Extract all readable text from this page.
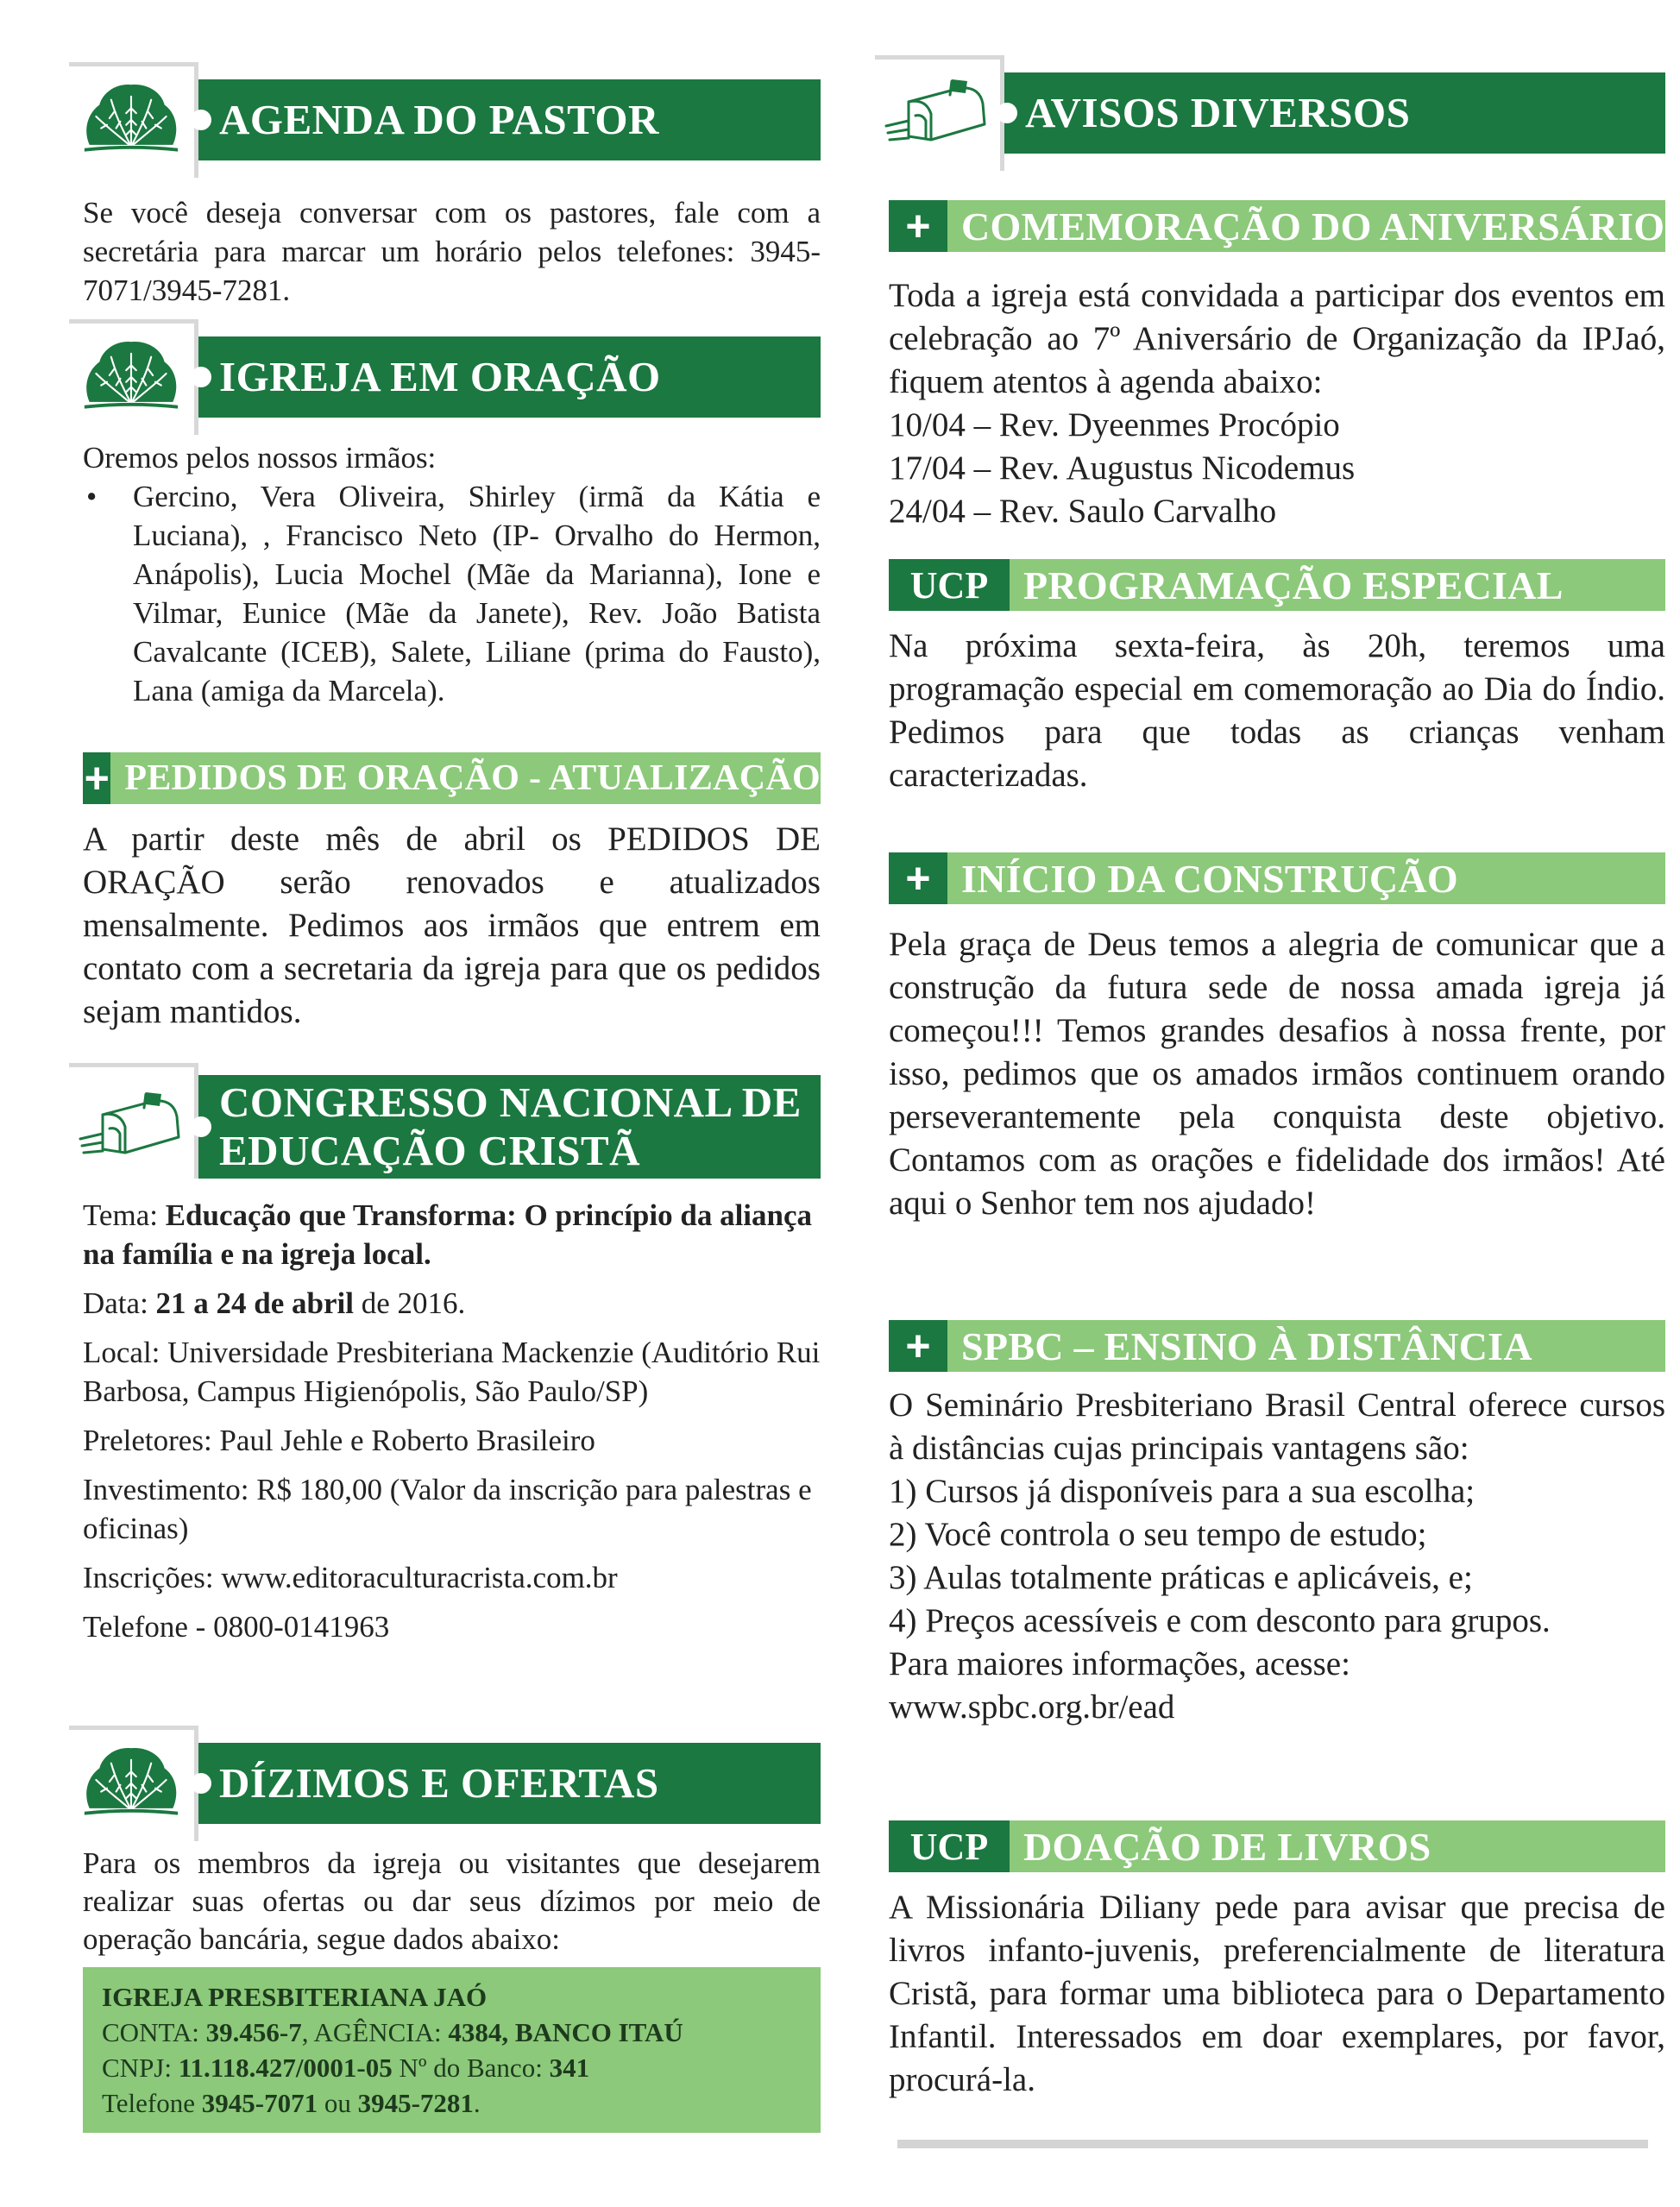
AGENDA DO PASTOR
Se você deseja conversar com os pastores, fale com a secretária para marcar um horário pelos telefones: 3945-7071/3945-7281.
IGREJA EM ORAÇÃO

Oremos pelos nossos irmãos:

• Gercino, Vera Oliveira, Shirley (irmã da Kátia e Luciana), , Francisco Neto (IP- Orvalho do Hermon, Anápolis), Lucia Mochel (Mãe da Marianna), Ione e Vilmar, Eunice (Mãe da Janete), Rev. João Batista Cavalcante (ICEB), Salete, Liliane (prima do Fausto), Lana (amiga da Marcela).
+ PEDIDOS DE ORAÇÃO - ATUALIZAÇÃO
A partir deste mês de abril os PEDIDOS DE ORAÇÃO serão renovados e atualizados mensalmente. Pedimos aos irmãos que entrem em contato com a secretaria da igreja para que os pedidos sejam mantidos.
CONGRESSO NACIONAL DE
EDUCAÇÃO CRISTÃ
Tema: Educação que Transforma: O princípio da aliança na família e na igreja local.
Data: 21 a 24 de abril de 2016.
Local: Universidade Presbiteriana Mackenzie (Auditório Rui Barbosa, Campus Higienópolis, São Paulo/SP)
Preletores: Paul Jehle e Roberto Brasileiro
Investimento: R$ 180,00 (Valor da inscrição para palestras e oficinas)
Inscrições: www.editoraculturacrista.com.br
Telefone - 0800-0141963
DÍZIMOS E OFERTAS
Para os membros da igreja ou visitantes que desejarem realizar suas ofertas ou dar seus dízimos por meio de operação bancária, segue dados abaixo:
IGREJA PRESBITERIANA JAÓ
CONTA: 39.456-7, AGÊNCIA: 4384, BANCO ITAÚ
CNPJ: 11.118.427/0001-05 Nº do Banco: 341
Telefone 3945-7071 ou 3945-7281.
AVISOS DIVERSOS
+ COMEMORAÇÃO DO ANIVERSÁRIO

Toda a igreja está convidada a participar dos eventos em celebração ao 7º Aniversário de Organização da IPJaó, fiquem atentos à agenda abaixo:

10/04 – Rev. Dyeenmes Procópio
17/04 – Rev. Augustus Nicodemus
24/04 – Rev. Saulo Carvalho
UCP PROGRAMAÇÃO ESPECIAL
Na próxima sexta-feira, às 20h, teremos uma programação especial em comemoração ao Dia do Índio. Pedimos para que todas as crianças venham caracterizadas.
+ INÍCIO DA CONSTRUÇÃO
Pela graça de Deus temos a alegria de comunicar que a construção da futura sede de nossa amada igreja já começou!!! Temos grandes desafios à nossa frente, por isso, pedimos que os amados irmãos continuem orando perseverantemente pela conquista deste objetivo. Contamos com as orações e fidelidade dos irmãos! Até aqui o Senhor tem nos ajudado!
+ SPBC – ENSINO À DISTÂNCIA

O Seminário Presbiteriano Brasil Central oferece cursos à distâncias cujas principais vantagens são:

1) Cursos já disponíveis para a sua escolha;
2) Você controla o seu tempo de estudo;
3) Aulas totalmente práticas e aplicáveis, e;
4) Preços acessíveis e com desconto para grupos.
Para maiores informações, acesse:
www.spbc.org.br/ead
UCP DOAÇÃO DE LIVROS
A Missionária Diliany pede para avisar que precisa de livros infanto-juvenis, preferencialmente de literatura Cristã, para formar uma biblioteca para o Departamento Infantil. Interessados em doar exemplares, por favor, procurá-la.
